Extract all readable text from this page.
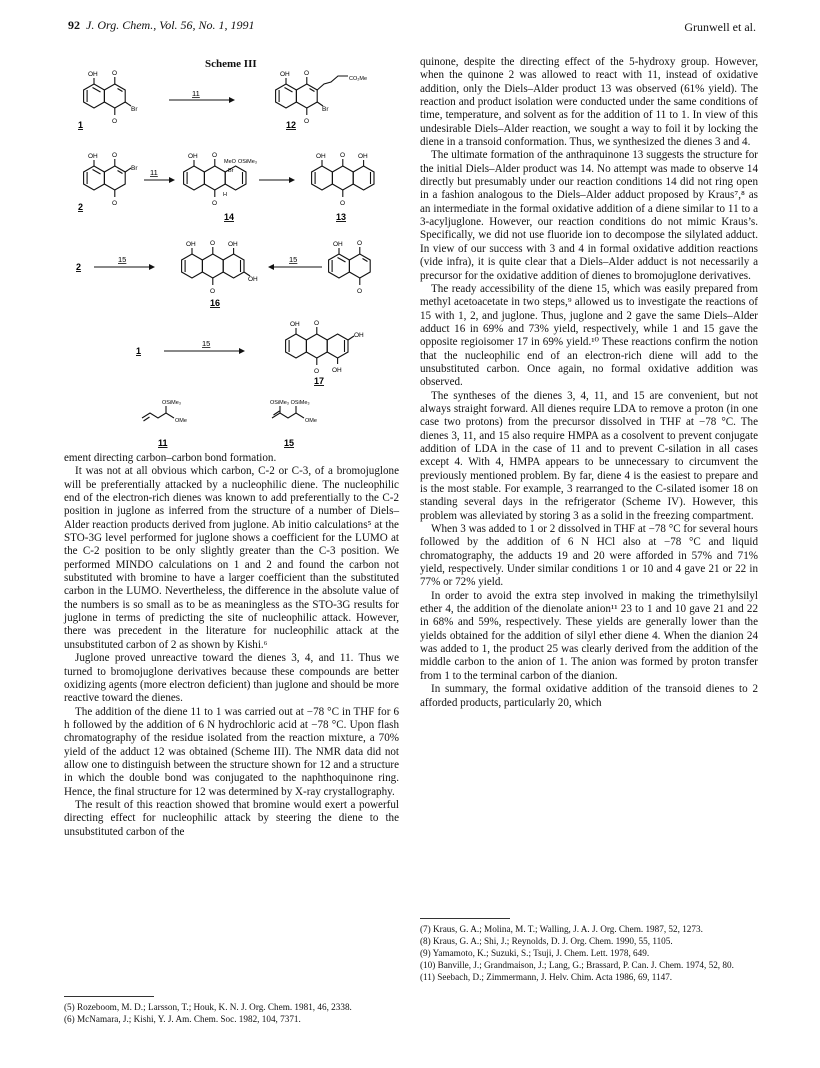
92 J. Org. Chem., Vol. 56, No. 1, 1991	Grunwell et al.
Scheme III
OH O
O
Br
1
11
OH O
O
Br
CO₂Me
12
OH O
O
Br
2
11
OH O
O
MeO OSiMe₃
Br
H
14
OH O OH
O
13
2
15
OH O OH
O
OH
16
15
OH O
O
1
15
OH O
OH
O OH
17
OSiMe₃
OMe
11
OSiMe₃ OSiMe₃
OMe
15

ement directing carbon–carbon bond formation.

It was not at all obvious which carbon, C-2 or C-3, of a bromojuglone will be preferentially attacked by a nucleophilic diene. The nucleophilic end of the electron-rich dienes was known to add preferentially to the C-2 position in juglone as inferred from the structure of a number of Diels–Alder reaction products derived from juglone. Ab initio calculations⁵ at the STO-3G level performed for juglone shows a coefficient for the LUMO at the C-2 position to be only slightly greater than the C-3 position. We performed MINDO calculations on 1 and 2 and found the carbon not substituted with bromine to have a larger coefficient than the substituted carbon in the LUMO. Nevertheless, the difference in the absolute value of the numbers is so small as to be as meaningless as the STO-3G results for juglone in terms of predicting the site of nucleophilic attack. However, there was precedent in the literature for nucleophilic attack at the unsubstituted carbon of 2 as shown by Kishi.⁶

Juglone proved unreactive toward the dienes 3, 4, and 11. Thus we turned to bromojuglone derivatives because these compounds are better oxidizing agents (more electron deficient) than juglone and should be more reactive toward the dienes.

The addition of the diene 11 to 1 was carried out at −78 °C in THF for 6 h followed by the addition of 6 N hydrochloric acid at −78 °C. Upon flash chromatography of the residue isolated from the reaction mixture, a 70% yield of the adduct 12 was obtained (Scheme III). The NMR data did not allow one to distinguish between the structure shown for 12 and a structure in which the double bond was conjugated to the naphthoquinone ring. Hence, the final structure for 12 was determined by X-ray crystallography.

The result of this reaction showed that bromine would exert a powerful directing effect for nucleophilic attack by steering the diene to the unsubstituted carbon of the

quinone, despite the directing effect of the 5-hydroxy group. However, when the quinone 2 was allowed to react with 11, instead of oxidative addition, only the Diels–Alder product 13 was observed (61% yield). The reaction and product isolation were conducted under the same conditions of time, temperature, and solvent as for the addition of 11 to 1. In view of this undesirable Diels–Alder reaction, we sought a way to foil it by locking the diene in a transoid conformation. Thus, we synthesized the dienes 3 and 4.

The ultimate formation of the anthraquinone 13 suggests the structure for the initial Diels–Alder product was 14. No attempt was made to observe 14 directly but presumably under our reaction conditions 14 did not ring open in a fashion analogous to the Diels–Alder adduct proposed by Kraus⁷,⁸ as an intermediate in the formal oxidative addition of a diene similar to 11 to a 3-acyljuglone. However, our reaction conditions do not mimic Kraus’s. Specifically, we did not use fluoride ion to decompose the silylated adduct. In view of our success with 3 and 4 in formal oxidative addition reactions (vide infra), it is quite clear that a Diels–Alder adduct is not necessarily a precursor for the oxidative addition of dienes to bromojuglone derivatives.

The ready accessibility of the diene 15, which was easily prepared from methyl acetoacetate in two steps,⁹ allowed us to investigate the reactions of 15 with 1, 2, and juglone. Thus, juglone and 2 gave the same Diels–Alder adduct 16 in 69% and 73% yield, respectively, while 1 and 15 gave the opposite regioisomer 17 in 69% yield.¹⁰ These reactions confirm the notion that the nucleophilic end of an electron-rich diene will add to the unsubstituted carbon. Once again, no formal oxidative addition was observed.

The syntheses of the dienes 3, 4, 11, and 15 are convenient, but not always straight forward. All dienes require LDA to remove a proton (in one case two protons) from the precursor dissolved in THF at −78 °C. The dienes 3, 11, and 15 also require HMPA as a cosolvent to prevent conjugate addition of LDA in the case of 11 and to prevent C-silation in all cases except 4. With 4, HMPA appears to be unnecessary to circumvent the previously mentioned problem. By far, diene 4 is the easiest to prepare and is the most stable. For example, 3 rearranged to the C-silated isomer 18 on standing several days in the refrigerator (Scheme IV). However, this problem was alleviated by storing 3 as a solid in the freezing compartment.

When 3 was added to 1 or 2 dissolved in THF at −78 °C for several hours followed by the addition of 6 N HCl also at −78 °C and liquid chromatography, the adducts 19 and 20 were afforded in 57% and 71% yield, respectively. Under similar conditions 1 or 10 and 4 gave 21 or 22 in 77% or 72% yield.

In order to avoid the extra step involved in making the trimethylsilyl ether 4, the addition of the dienolate anion¹¹ 23 to 1 and 10 gave 21 and 22 in 68% and 59%, respectively. These yields are generally lower than the yields obtained for the addition of silyl ether diene 4. When the dianion 24 was added to 1, the product 25 was clearly derived from the addition of the middle carbon to the anion of 1. The anion was formed by proton transfer from 1 to the terminal carbon of the dianion.

In summary, the formal oxidative addition of the transoid dienes to 2 afforded products, particularly 20, which

(5) Rozeboom, M. D.; Larsson, T.; Houk, K. N. J. Org. Chem. 1981, 46, 2338.

(6) McNamara, J.; Kishi, Y. J. Am. Chem. Soc. 1982, 104, 7371.

(7) Kraus, G. A.; Molina, M. T.; Walling, J. A. J. Org. Chem. 1987, 52, 1273.

(8) Kraus, G. A.; Shi, J.; Reynolds, D. J. Org. Chem. 1990, 55, 1105.

(9) Yamamoto, K.; Suzuki, S.; Tsuji, J. Chem. Lett. 1978, 649.

(10) Banville, J.; Grandmaison, J.; Lang, G.; Brassard, P. Can. J. Chem. 1974, 52, 80.

(11) Seebach, D.; Zimmermann, J. Helv. Chim. Acta 1986, 69, 1147.
